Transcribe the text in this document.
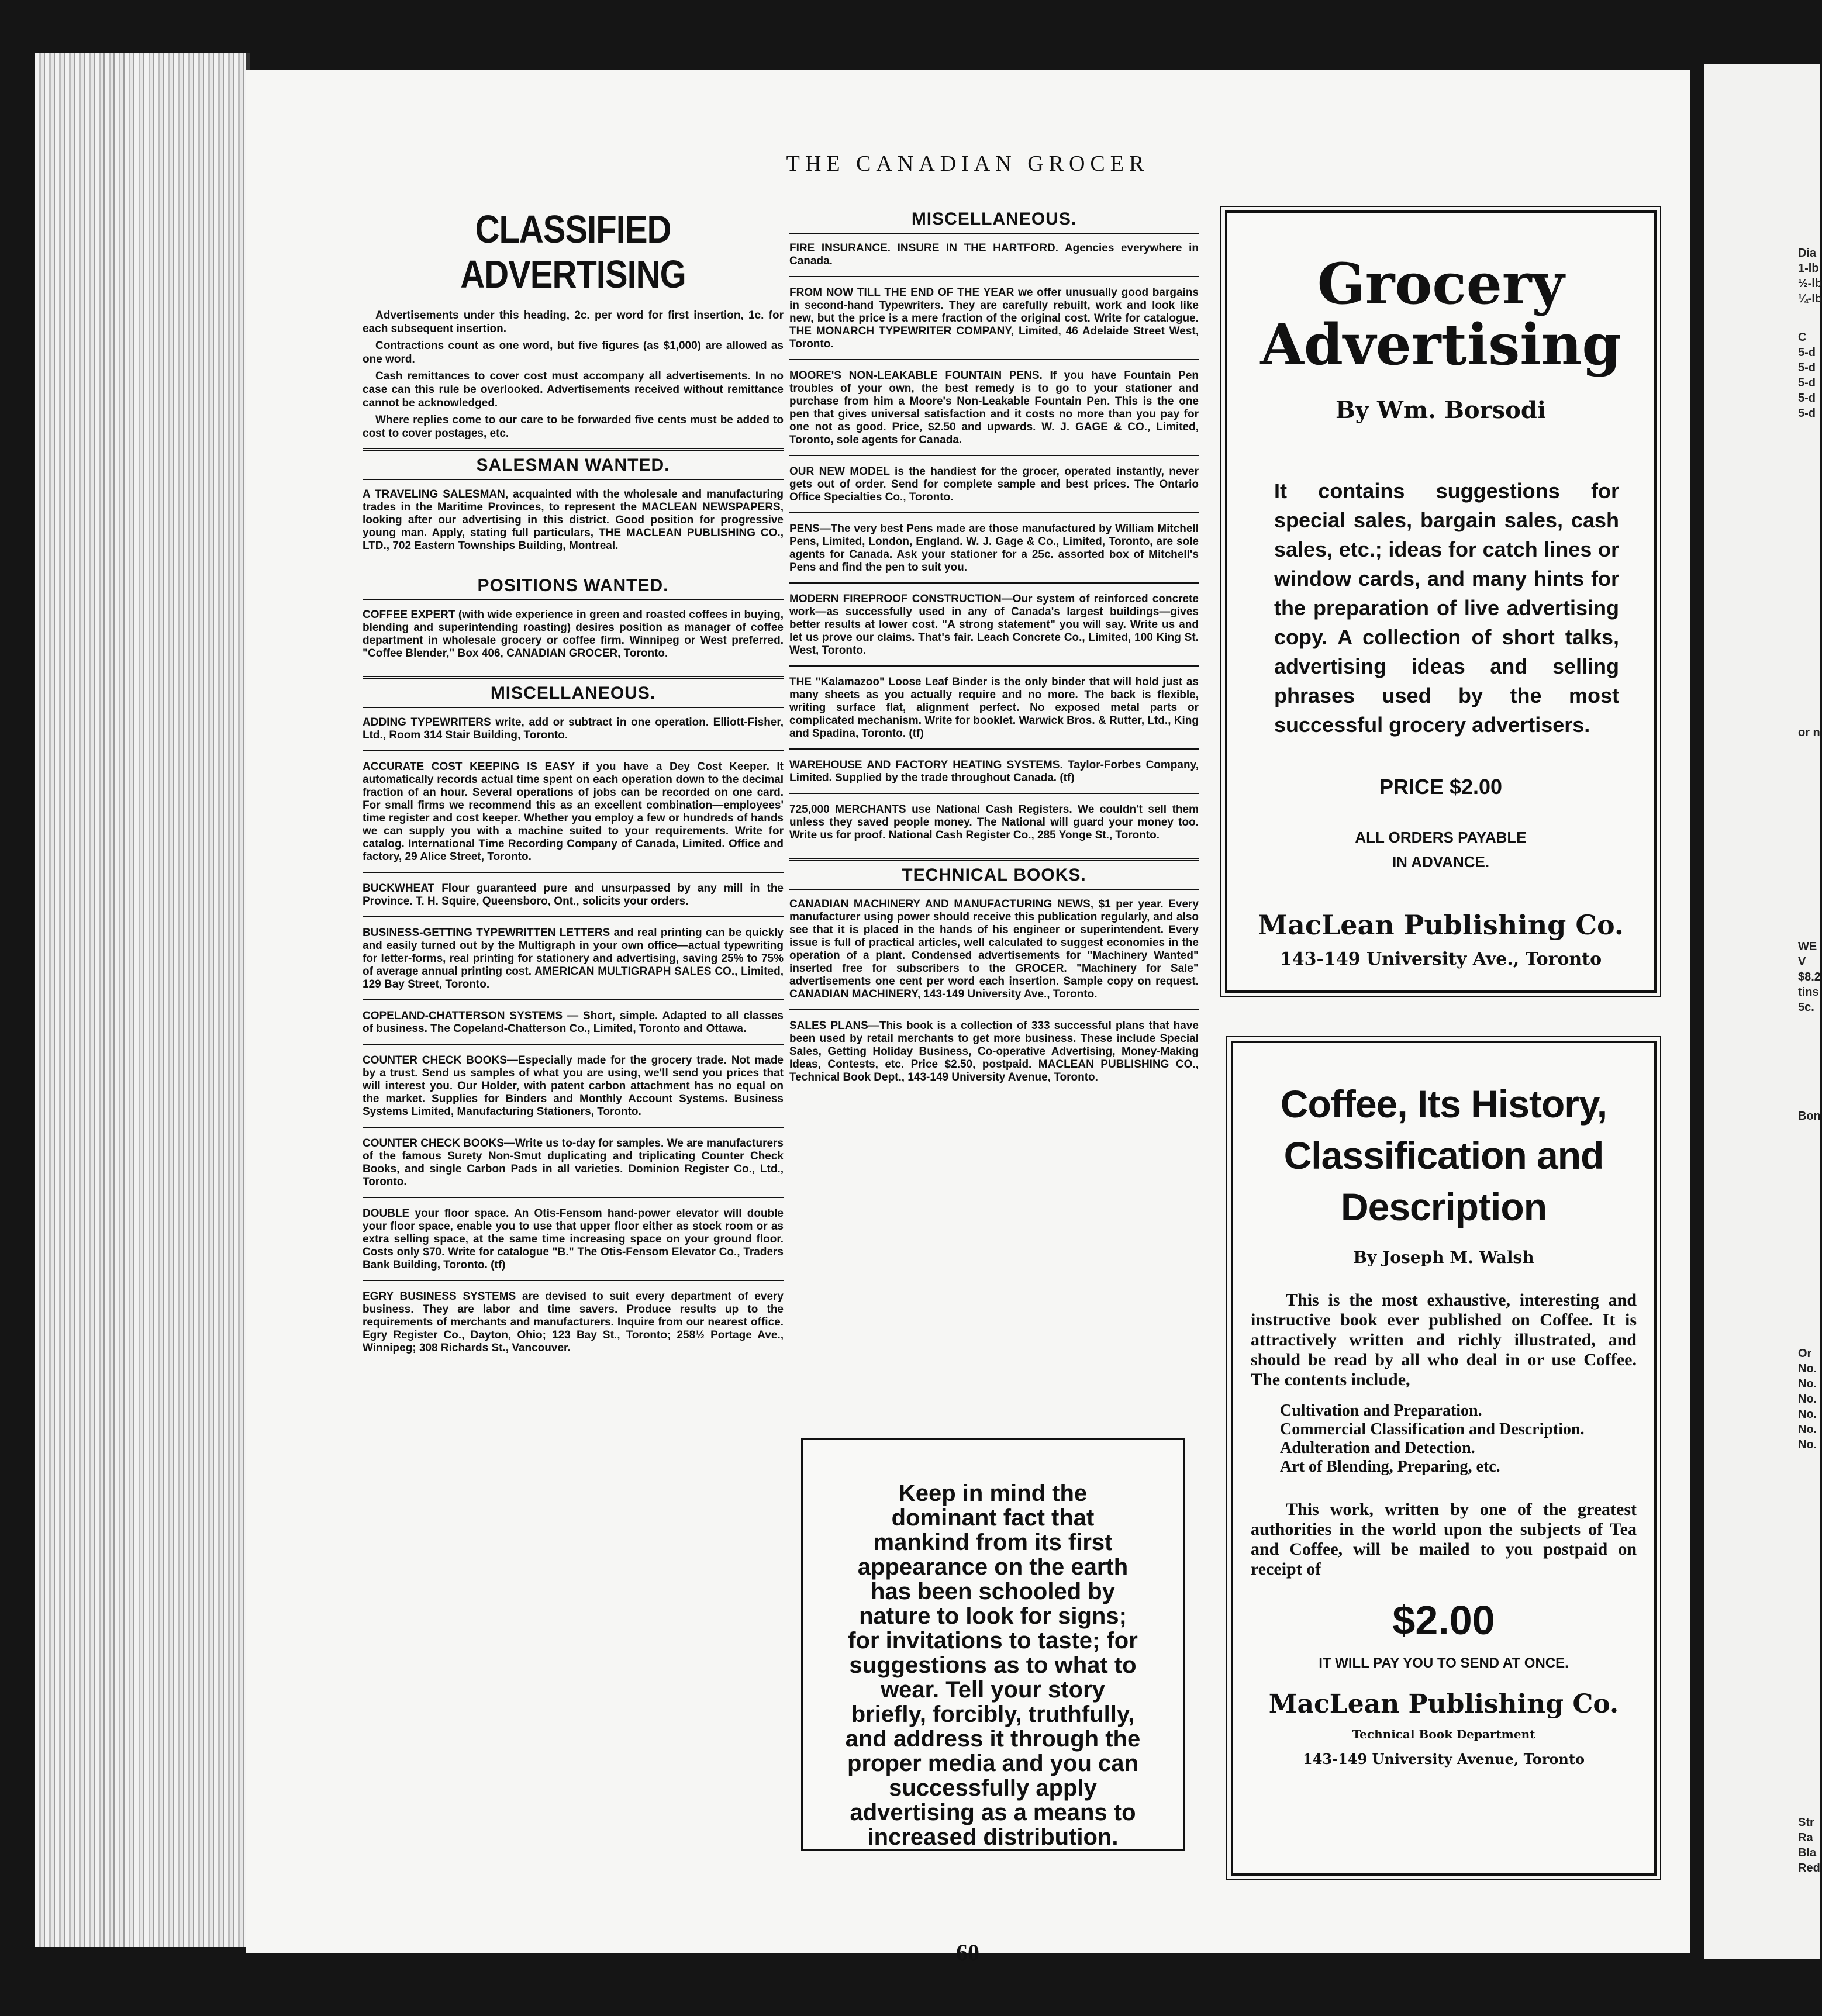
THE CANADIAN GROCER
CLASSIFIED ADVERTISING

Advertisements under this heading, 2c. per word for first insertion, 1c. for each subsequent insertion.

Contractions count as one word, but five figures (as $1,000) are allowed as one word.

Cash remittances to cover cost must accompany all advertisements. In no case can this rule be overlooked. Advertisements received without remittance cannot be acknowledged.

Where replies come to our care to be forwarded five cents must be added to cost to cover postages, etc.

SALESMAN WANTED.
A TRAVELING SALESMAN, acquainted with the wholesale and manufacturing trades in the Maritime Provinces, to represent the MACLEAN NEWSPAPERS, looking after our advertising in this district. Good position for progressive young man. Apply, stating full particulars, THE MACLEAN PUBLISHING CO., LTD., 702 Eastern Townships Building, Montreal.
POSITIONS WANTED.
COFFEE EXPERT (with wide experience in green and roasted coffees in buying, blending and superintending roasting) desires position as manager of coffee department in wholesale grocery or coffee firm. Winnipeg or West preferred. "Coffee Blender," Box 406, CANADIAN GROCER, Toronto.
MISCELLANEOUS.
ADDING TYPEWRITERS write, add or subtract in one operation. Elliott-Fisher, Ltd., Room 314 Stair Building, Toronto.
ACCURATE COST KEEPING IS EASY if you have a Dey Cost Keeper. It automatically records actual time spent on each operation down to the decimal fraction of an hour. Several operations of jobs can be recorded on one card. For small firms we recommend this as an excellent combination—employees' time register and cost keeper. Whether you employ a few or hundreds of hands we can supply you with a machine suited to your requirements. Write for catalog. International Time Recording Company of Canada, Limited. Office and factory, 29 Alice Street, Toronto.
BUCKWHEAT Flour guaranteed pure and unsurpassed by any mill in the Province. T. H. Squire, Queensboro, Ont., solicits your orders.
BUSINESS-GETTING TYPEWRITTEN LETTERS and real printing can be quickly and easily turned out by the Multigraph in your own office—actual typewriting for letter-forms, real printing for stationery and advertising, saving 25% to 75% of average annual printing cost. AMERICAN MULTIGRAPH SALES CO., Limited, 129 Bay Street, Toronto.
COPELAND-CHATTERSON SYSTEMS — Short, simple. Adapted to all classes of business. The Copeland-Chatterson Co., Limited, Toronto and Ottawa.
COUNTER CHECK BOOKS—Especially made for the grocery trade. Not made by a trust. Send us samples of what you are using, we'll send you prices that will interest you. Our Holder, with patent carbon attachment has no equal on the market. Supplies for Binders and Monthly Account Systems. Business Systems Limited, Manufacturing Stationers, Toronto.
COUNTER CHECK BOOKS—Write us to-day for samples. We are manufacturers of the famous Surety Non-Smut duplicating and triplicating Counter Check Books, and single Carbon Pads in all varieties. Dominion Register Co., Ltd., Toronto.
DOUBLE your floor space. An Otis-Fensom hand-power elevator will double your floor space, enable you to use that upper floor either as stock room or as extra selling space, at the same time increasing space on your ground floor. Costs only $70. Write for catalogue "B." The Otis-Fensom Elevator Co., Traders Bank Building, Toronto. (tf)
EGRY BUSINESS SYSTEMS are devised to suit every department of every business. They are labor and time savers. Produce results up to the requirements of merchants and manufacturers. Inquire from our nearest office. Egry Register Co., Dayton, Ohio; 123 Bay St., Toronto; 258½ Portage Ave., Winnipeg; 308 Richards St., Vancouver.
MISCELLANEOUS.
FIRE INSURANCE. INSURE IN THE HARTFORD. Agencies everywhere in Canada.
FROM NOW TILL THE END OF THE YEAR we offer unusually good bargains in second-hand Typewriters. They are carefully rebuilt, work and look like new, but the price is a mere fraction of the original cost. Write for catalogue. THE MONARCH TYPEWRITER COMPANY, Limited, 46 Adelaide Street West, Toronto.
MOORE'S NON-LEAKABLE FOUNTAIN PENS. If you have Fountain Pen troubles of your own, the best remedy is to go to your stationer and purchase from him a Moore's Non-Leakable Fountain Pen. This is the one pen that gives universal satisfaction and it costs no more than you pay for one not as good. Price, $2.50 and upwards. W. J. GAGE & CO., Limited, Toronto, sole agents for Canada.
OUR NEW MODEL is the handiest for the grocer, operated instantly, never gets out of order. Send for complete sample and best prices. The Ontario Office Specialties Co., Toronto.
PENS—The very best Pens made are those manufactured by William Mitchell Pens, Limited, London, England. W. J. Gage & Co., Limited, Toronto, are sole agents for Canada. Ask your stationer for a 25c. assorted box of Mitchell's Pens and find the pen to suit you.
MODERN FIREPROOF CONSTRUCTION—Our system of reinforced concrete work—as successfully used in any of Canada's largest buildings—gives better results at lower cost. "A strong statement" you will say. Write us and let us prove our claims. That's fair. Leach Concrete Co., Limited, 100 King St. West, Toronto.
THE "Kalamazoo" Loose Leaf Binder is the only binder that will hold just as many sheets as you actually require and no more. The back is flexible, writing surface flat, alignment perfect. No exposed metal parts or complicated mechanism. Write for booklet. Warwick Bros. & Rutter, Ltd., King and Spadina, Toronto. (tf)
WAREHOUSE AND FACTORY HEATING SYSTEMS. Taylor-Forbes Company, Limited. Supplied by the trade throughout Canada. (tf)
725,000 MERCHANTS use National Cash Registers. We couldn't sell them unless they saved people money. The National will guard your money too. Write us for proof. National Cash Register Co., 285 Yonge St., Toronto.
TECHNICAL BOOKS.
CANADIAN MACHINERY AND MANUFACTURING NEWS, $1 per year. Every manufacturer using power should receive this publication regularly, and also see that it is placed in the hands of his engineer or superintendent. Every issue is full of practical articles, well calculated to suggest economies in the operation of a plant. Condensed advertisements for "Machinery Wanted" inserted free for subscribers to the GROCER. "Machinery for Sale" advertisements one cent per word each insertion. Sample copy on request. CANADIAN MACHINERY, 143-149 University Ave., Toronto.
SALES PLANS—This book is a collection of 333 successful plans that have been used by retail merchants to get more business. These include Special Sales, Getting Holiday Business, Co-operative Advertising, Money-Making Ideas, Contests, etc. Price $2.50, postpaid. MACLEAN PUBLISHING CO., Technical Book Dept., 143-149 University Avenue, Toronto.
Keep in mind the dominant fact that mankind from its first appearance on the earth has been schooled by nature to look for signs; for invitations to taste; for suggestions as to what to wear. Tell your story briefly, forcibly, truthfully, and address it through the proper media and you can successfully apply advertising as a means to increased distribution.
Grocery
Advertising
By Wm. Borsodi
It contains suggestions for special sales, bargain sales, cash sales, etc.; ideas for catch lines or window cards, and many hints for the preparation of live advertising copy. A collection of short talks, advertising ideas and selling phrases used by the most successful grocery advertisers.
PRICE $2.00
ALL ORDERS PAYABLE
IN ADVANCE.
MacLean Publishing Co.
143-149 University Ave., Toronto
Coffee, Its History,
Classification and
Description
By Joseph M. Walsh
This is the most exhaustive, interesting and instructive book ever published on Coffee. It is attractively written and richly illustrated, and should be read by all who deal in or use Coffee. The contents include,
Cultivation and Preparation.
Commercial Classification and Description.
Adulteration and Detection.
Art of Blending, Preparing, etc.
This work, written by one of the greatest authorities in the world upon the subjects of Tea and Coffee, will be mailed to you postpaid on receipt of
$2.00
IT WILL PAY YOU TO SEND AT ONCE.
MacLean Publishing Co.
Technical Book Department
143-149 University Avenue, Toronto
60
Dia
1-lb
½-lb
¼-lb
C
5-d
5-d
5-d
5-d
5-d
or n
WE
V
$8.2
tins
5c.
Bon
Or
No.
No.
No.
No.
No.
No.
Str
Ra
Bla
Red
